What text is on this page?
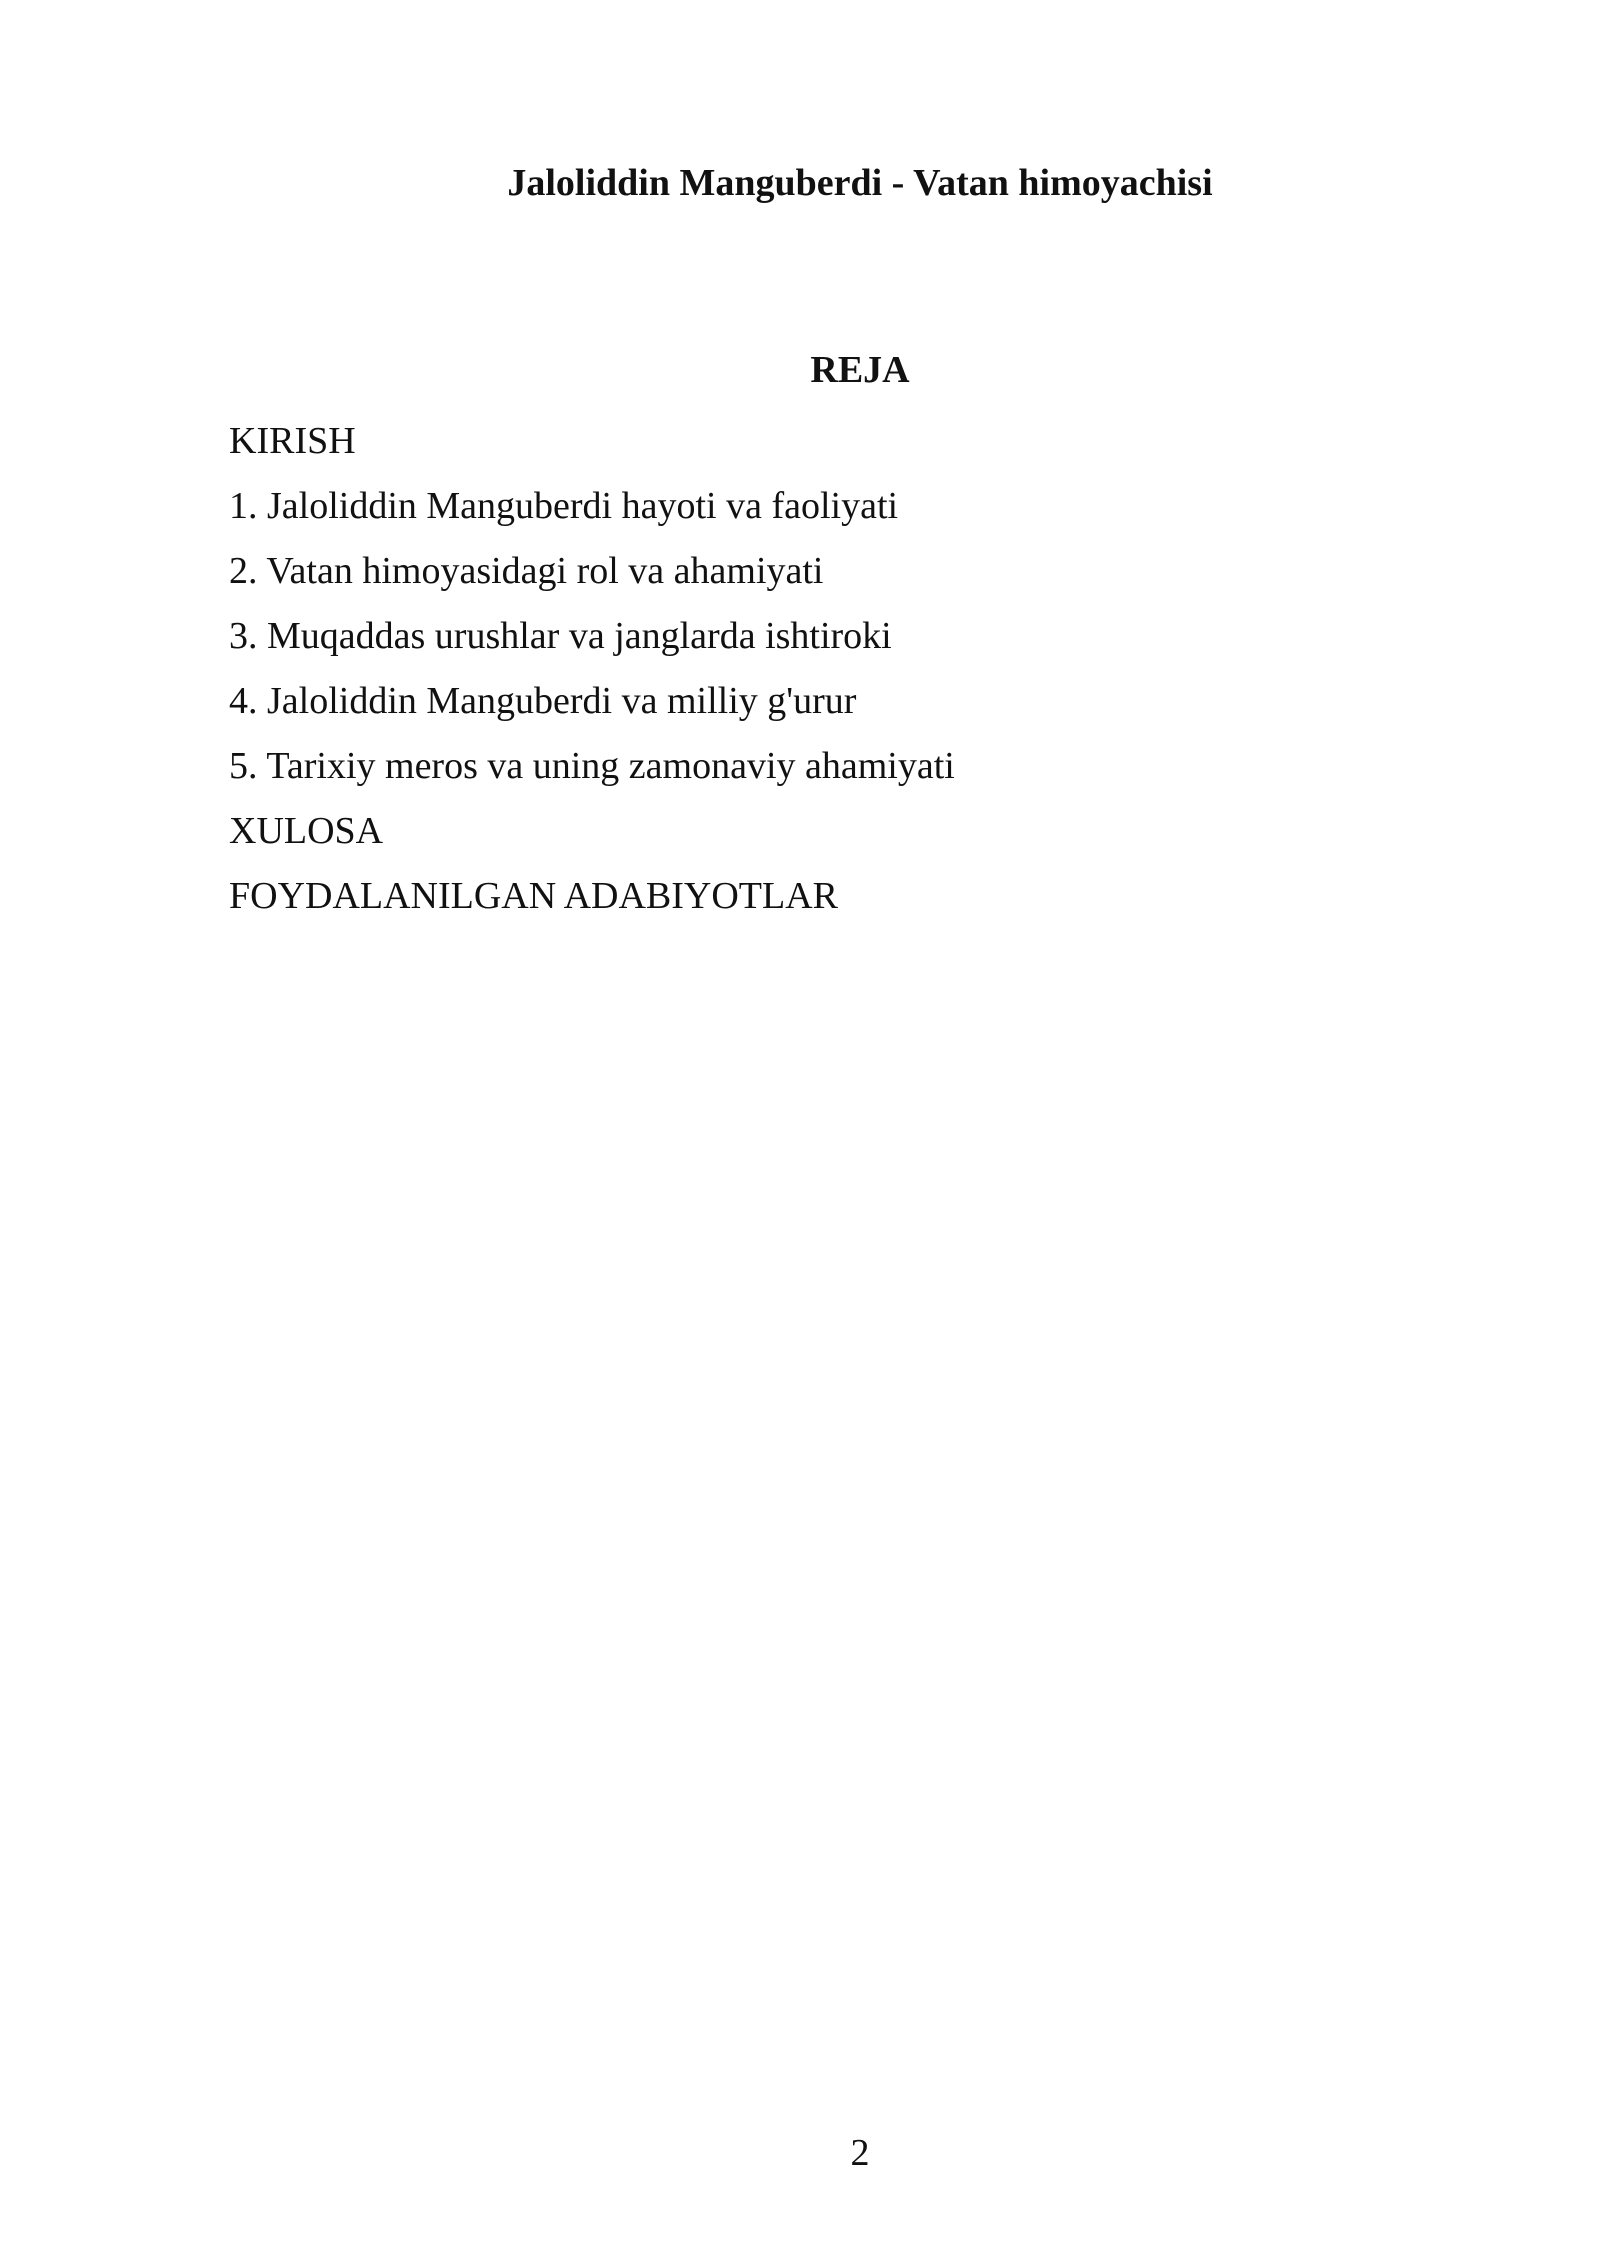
Jaloliddin Manguberdi - Vatan himoyachisi
REJA
KIRISH
1. Jaloliddin Manguberdi hayoti va faoliyati
2. Vatan himoyasidagi rol va ahamiyati
3. Muqaddas urushlar va janglarda ishtiroki
4. Jaloliddin Manguberdi va milliy g'urur
5. Tarixiy meros va uning zamonaviy ahamiyati
XULOSA
FOYDALANILGAN ADABIYOTLAR
2
